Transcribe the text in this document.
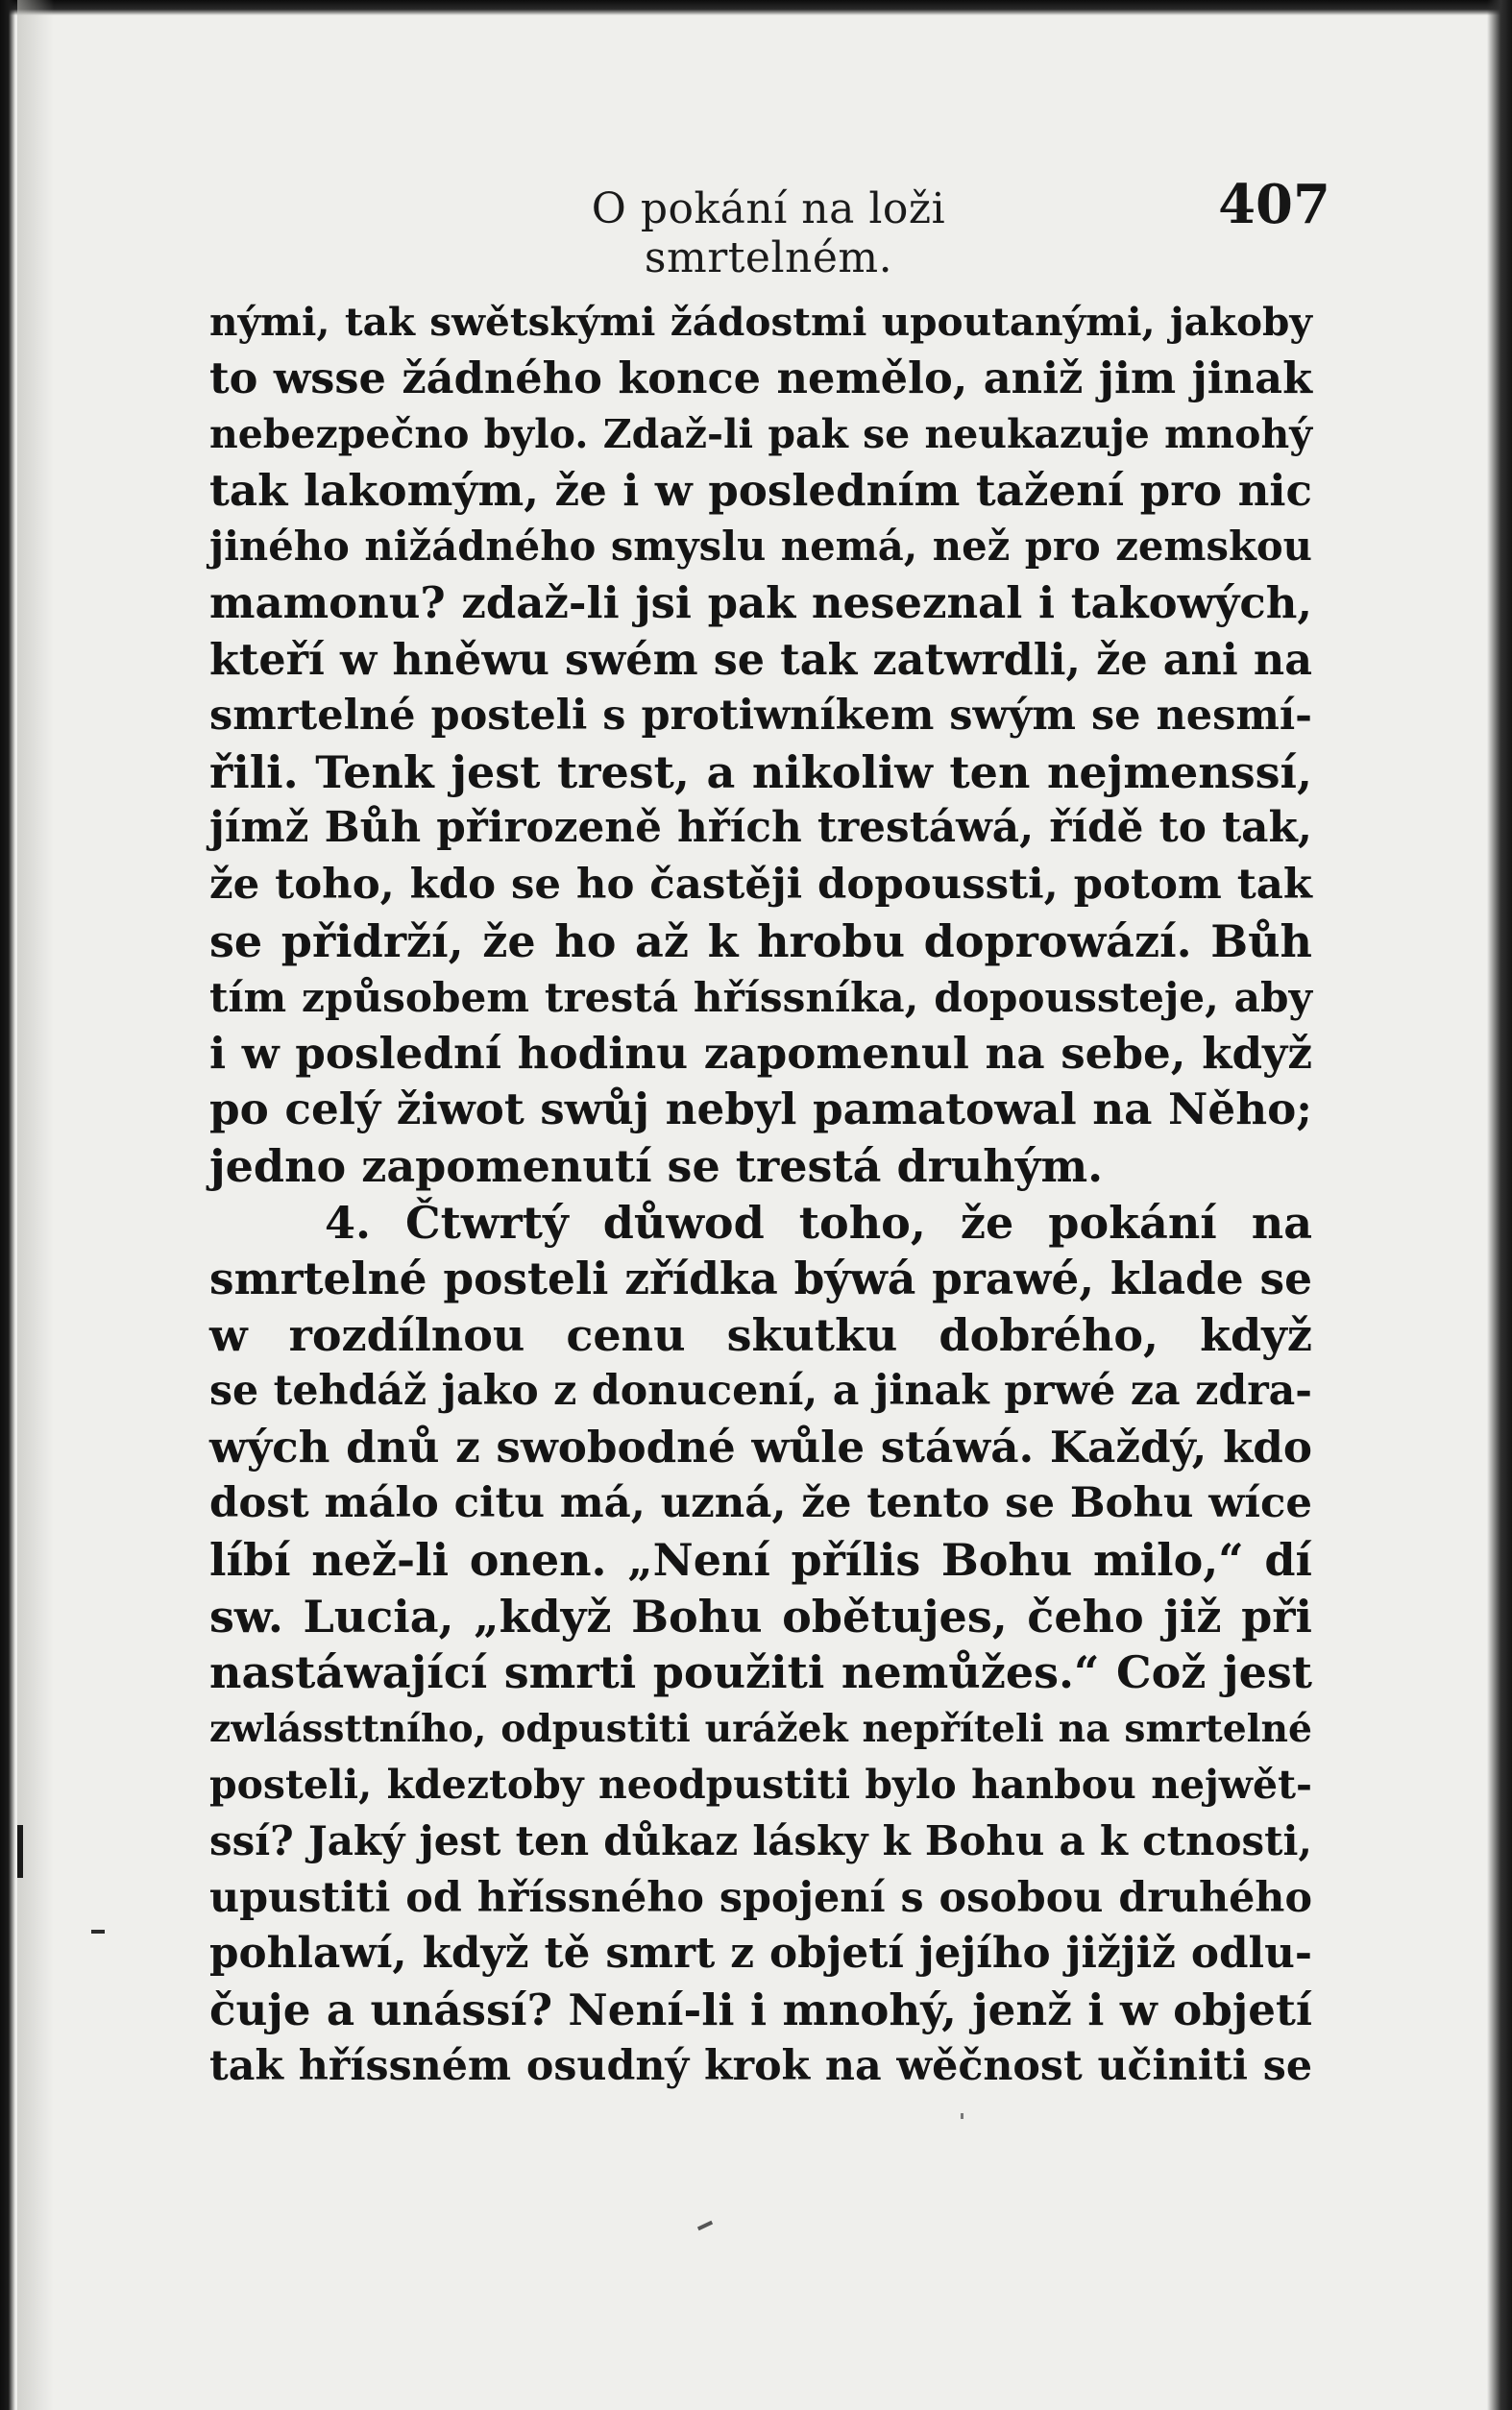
O pokání na loži smrtelném.
407
nými, tak swětskými žádostmi upoutanými, jakoby
to wsse žádného konce nemělo, aniž jim jinak
nebezpečno bylo. Zdaž-li pak se neukazuje mnohý
tak lakomým, že i w posledním tažení pro nic
jiného nižádného smyslu nemá, než pro zemskou
mamonu? zdaž-li jsi pak neseznal i takowých,
kteří w hněwu swém se tak zatwrdli, že ani na
smrtelné posteli s protiwníkem swým se nesmí-
řili. Tenk jest trest, a nikoliw ten nejmenssí,
jímž Bůh přirozeně hřích trestáwá, řídě to tak,
že toho, kdo se ho častěji dopoussti, potom tak
se přidrží, že ho až k hrobu doprowází. Bůh
tím způsobem trestá hříssníka, dopoussteje, aby
i w poslední hodinu zapomenul na sebe, když
po celý žiwot swůj nebyl pamatowal na Něho;
jedno zapomenutí se trestá druhým.
4. Čtwrtý důwod toho, že pokání na
smrtelné posteli zřídka býwá prawé, klade se
w rozdílnou cenu skutku dobrého, když
se tehdáž jako z donucení, a jinak prwé za zdra-
wých dnů z swobodné wůle stáwá. Každý, kdo
dost málo citu má, uzná, že tento se Bohu wíce
líbí než-li onen. „Není přílis Bohu milo,“ dí
sw. Lucia, „když Bohu obětujes, čeho již při
nastáwající smrti použiti nemůžes.“ Což jest
zwlássttního, odpustiti urážek nepříteli na smrtelné
posteli, kdeztoby neodpustiti bylo hanbou nejwět-
ssí? Jaký jest ten důkaz lásky k Bohu a k ctnosti,
upustiti od hříssného spojení s osobou druhého
pohlawí, když tě smrt z objetí jejího jižjiž odlu-
čuje a unássí? Není-li i mnohý, jenž i w objetí
tak hříssném osudný krok na wěčnost učiniti se
